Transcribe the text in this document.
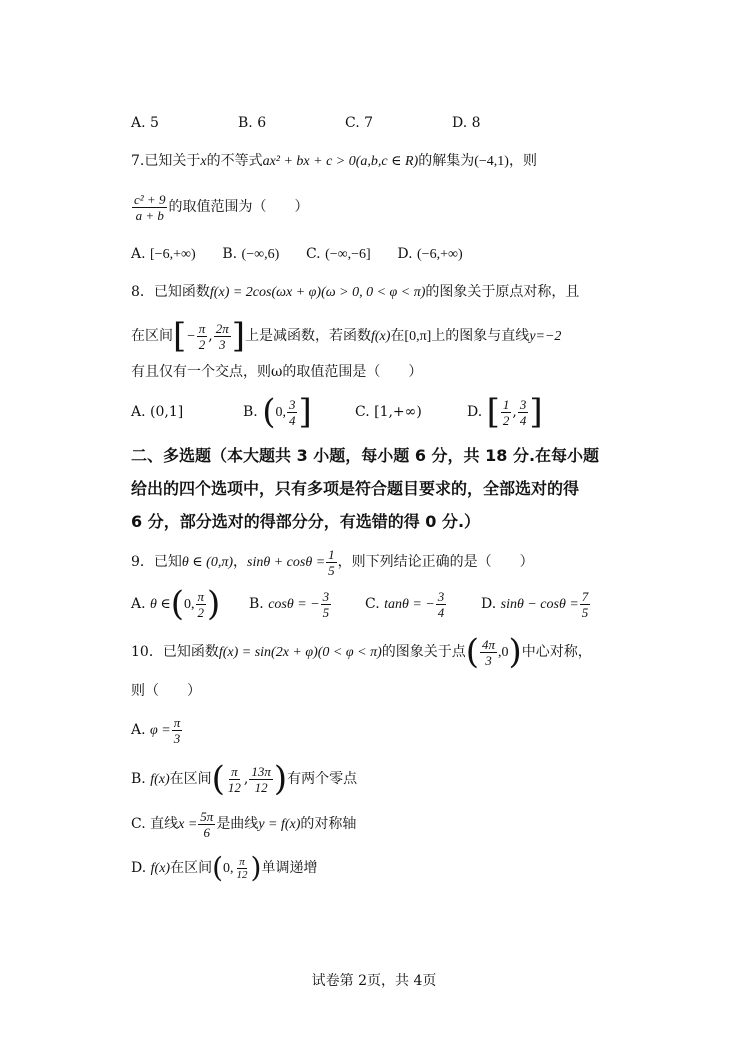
A. 5	B. 6	C. 7	D. 8
7.已知关于x的不等式ax² + bx + c > 0(a,b,c ∈ R)的解集为(−4,1)，则
$\frac{\text{c² + 9}}{a + b}$ 的取值范围为（　　）
A. [−6,+∞) B. (−∞,6) C. (−∞,−6] D. (−6,+∞)
8．已知函数f(x) = 2cos(ωx + φ)(ω > 0, 0 < φ < π)的图象关于原点对称，且
在区间[− $\frac{\pi}{2}$ , $\frac{2\pi}{3}$ ]上是减函数，若函数f(x)在[0,π]上的图象与直线y=−2
有且仅有一个交点，则ω的取值范围是（　　）
A. (0,1]	B. (0, $\frac{3}{4}$ ]	C. [1,+∞)	D. [ $\frac{1}{2}$ , $\frac{3}{4}$ ]
二、多选题（本大题共 3 小题，每小题 6 分，共 18 分.在每小题
给出的四个选项中，只有多项是符合题目要求的，全部选对的得
6 分，部分选对的得部分分，有选错的得 0 分.）
9．已知θ ∈ (0,π)，$\sin\theta + \cos\theta = \frac{1}{5}$ ，则下列结论正确的是（　　）
A. θ ∈(0, $\frac{\pi}{2}$ ) B. cosθ = − $\frac{3}{5} C$. tanθ = − $\frac{3}{4} D$. $\sin\theta - \cos\theta = \frac{7}{5}$
10．已知函数f(x) = sin(2x + φ)(0 < φ < π)的图象关于点( $\frac{4\pi}{3} ,0$)中心对称，
则（　　）
A. $\varphi = \frac{\pi}{3}$
B. f(x)在区间( $\frac{\pi}{12}$ , $\frac{13\pi}{12}$ )有两个零点
C. 直线$x = \frac{5\pi}{6}$ 是曲线y = f(x)的对称轴
D. f(x)在区间(0, $\frac{\pi}{12}$ )单调递增
试卷第 2页，共 4页
